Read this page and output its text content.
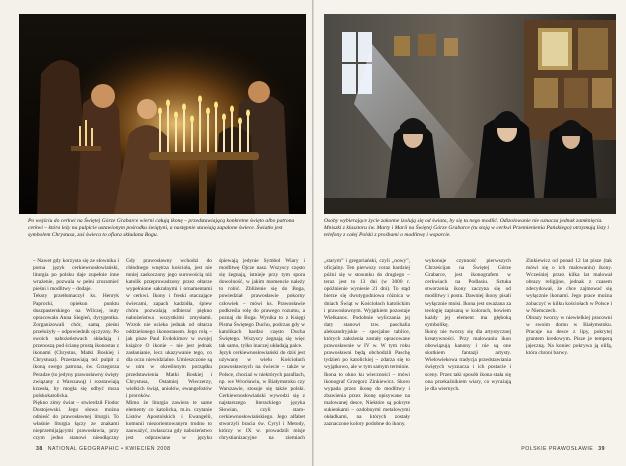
Po wejściu do cerkwi na Świętej Górze Grabarce wierni całują ikonę – przedstawiającą konkretne święto albo patrona cerkwi – która leży na pulpicie ustawionym pośrodku świątyni, a następnie stawiają zapalone świece. Światło jest symbolem Chrystusa, zaś świeca to ofiara składana Bogu.

– Nawet gdy korzysta się ze słownika i porna język cerkiewnosłowiański, liturgia po polsku daje zupełnie inne wrażenie, pozwala w pełni zrozumieć pieśni i modlitwy – dodaje.

Teksty przetłumaczył ks. Henryk Paprocki, opiekun punktu duszpasterskiego na Wilczej, nuty opracowała Anna Siegień, dyrygentka. Zorganizowali chór, samą pieśni przełożyły – odpowiednik ojczyzny. Po swoich nabożeństwach składają i przenoszą pod ścianę prostą ikonostas z ikonami (Chrystus, Matki Boskiej i Chrystusa). Przestawiają też pulpit z ikoną swego patrona, św. Grzegorza Peradze (to jedyny prawosławny święty związany z Warszawą) i rozstawiają krzesła, by mogła się odbyć msza polskokatolicka.

Piękno zimy świat – stwierdził Fiodor Dostojewski. Jego słowa można odnieść do prawosławnej liturgii. To właśnie liturgia łączy ze znakami nieprzemijającymi prawosławia, przy czym jedno stanowi nieodłączny

Gdy prawosławny wchodzi do chłodnego wnętrza kościoła, jest nie mniej zaskoczony jego surowością niż katolik przeprowadzony przez ołtarze wypełnione sakralnymi i ornamentami w cerkwi. Ikony i freski otaczające świecami, zapach kadzidła, śpiew chóru pozwalają odbierać piękno nabożeństwa wszystkimi zmysłami. Wzrok nie ucieka jednak od ołtarza oddzielonego ikonostasem. Jego rolą – jak pisze Paul Evdokimov w swojej książce O ikonie – nie jest jednak zasłanianie, lecz ukazywanie tego, co dla oczu niewidzialne. Umieszczone są w nim w określonym porządku przedstawienia Matki Boskiej i Chrystusa, Ostatniej Wieczerzy, wielkich świąt, aniołów, ewangelistów i proroków.

Mimo że liturgia zawiera te same elementy co katolicka, m.in. czytanie Listów Apostolskich i Ewangelii, komunii niezorientowanym trudno to zauważyć, zwłaszcza gdy nabożeństwo jest odprawiane w języku

śpiewają jedynie Symbol Wiary i modlitwę Ojcze nasz. Wszyscy często się żegnają, istnieje przy tym spora dowolność, w jakim momencie należy to robić. Zbliżenie się do Boga, powiedział prawosławie pokorny człowiek – mówi ks. Prawosławie podkreśla rolę do prawego rozumu, a poznaj do Boga. Wynika to z Księgi Pisma Świętego Duchu, podczas gdy w katolikach bardzo często Ducha Świętego. Wszyscy żegnają się więc tak samo, tylko inaczej układają palce.

Język cerkiewnosłowiański do dziś jest używany w wielu Kościołach prawosławnych na świecie – także w Polsce, chociaż w niektórych parafiach, np. we Wrocławiu, w Białymstoku czy Warszawie, stosuje się także polski. Cerkiewnosłowiański wywodzi się z najstarszego literackiego języka Słowian, czyli staro-cerkiewnosłowiańskiego. Jego alfabet stworzyli bracia św. Cyryl i Metody, którzy w IX w. prowadzili misje chrystianizacyjne na ziemiach

38 NATIONAL GEOGRAPHIC • KWIECIEŃ 2008
Osoby wybierające życie zakonne izolują się od świata, by się tu nego modlić. Odizolowanie nie oznacza jednak zamknięcia. Mniszki z klasztoru św. Marty i Marii na Świętej Górze Grabarce (tu stoją w cerkwi Przemienienia Pańskiego) otrzymują listy i telefony z całej Polski z prośbami o modlitwę i wsparcie.

„starym” i gregoriański, czyli „nowy”, oficjalny. Ten pierwszy coraz bardziej późni się w stosunku do drugiego – teraz jest to 13 dni (w 3000 r. opóźnienie wyniesie 21 dni). To stąd bierze się dwutygodniowa różnica w dniach Świąt w Kościołach katolickim i prawosławnym. Wyjątkiem pozostaje Wielkanoc. Podobnie wyliczania jej daty stanowi tzw. paschalia aleksandryjskie – specjalne tablice, których założenia zostały opracowane prawosławnie w IV w. W tym roku prawosławni będą obchodzili Paschę tydzień po katolickiej – zdarza się to wyjątkowo, ale w tym samym terminie.

Ikona to okno ku wieczności – mówi ikonograf Grzegorz Zinkiewicz. Skoro wypada przez ikonę do modlitwy i zbawienia przez ikonę opisywane na malowanej desce, Niektóre są pokryte sukienkami – ozdobnymi metalowymi okładkami, na których zostały zaznaczone kolory podobne do ikony.

wykonuje czynność pierwszych Chrześcijan na Świętej Górze Grabarce, jest ikonografem w cerkwiach na Podlasiu. Sztuka stworzenia ikony zaczyna się od modlitwy i postu. Dawniej ikony pisali wyłącznie mnisi. Ikona jest uważana za teologię zapisaną w kolorach, bowiem każdy jej element ma głęboką symbolikę.

Ikony nie tworzy się dla artystycznej kreatywności. Przy malowaniu ikon obowiązują kanony i nie są one skutkiem fantazji artysty. Wielowiekowa tradycja przedstawiania świętych wyznacza i ich postacie i sceny. Przez taki sposób ikona stała się ona przekaźnikiem wiary, co wyrażają je dla wiernych.

Zinkiewicz od ponad 12 lat pisze (tak mówi się o ich malowaniu) ikony. Wcześniej przez kilka lat malował obrazy religijne, jednak z czasem zdecydował, że chce zajmować się wyłącznie ikonami. Jego prace można zobaczyć w kilku kościołach w Polsce i w Niemczech.

Obrazy tworzy w niewielkiej pracowni w swoim domu w Białymstoku. Pracuje na desce z lipy, pokrytej gruntem kredowym. Pisze je temperą jajeczną. Na koniec pokrywa ją olifą, która chroni barwy.

POLSKIE PRAWOSŁAWIE 39
